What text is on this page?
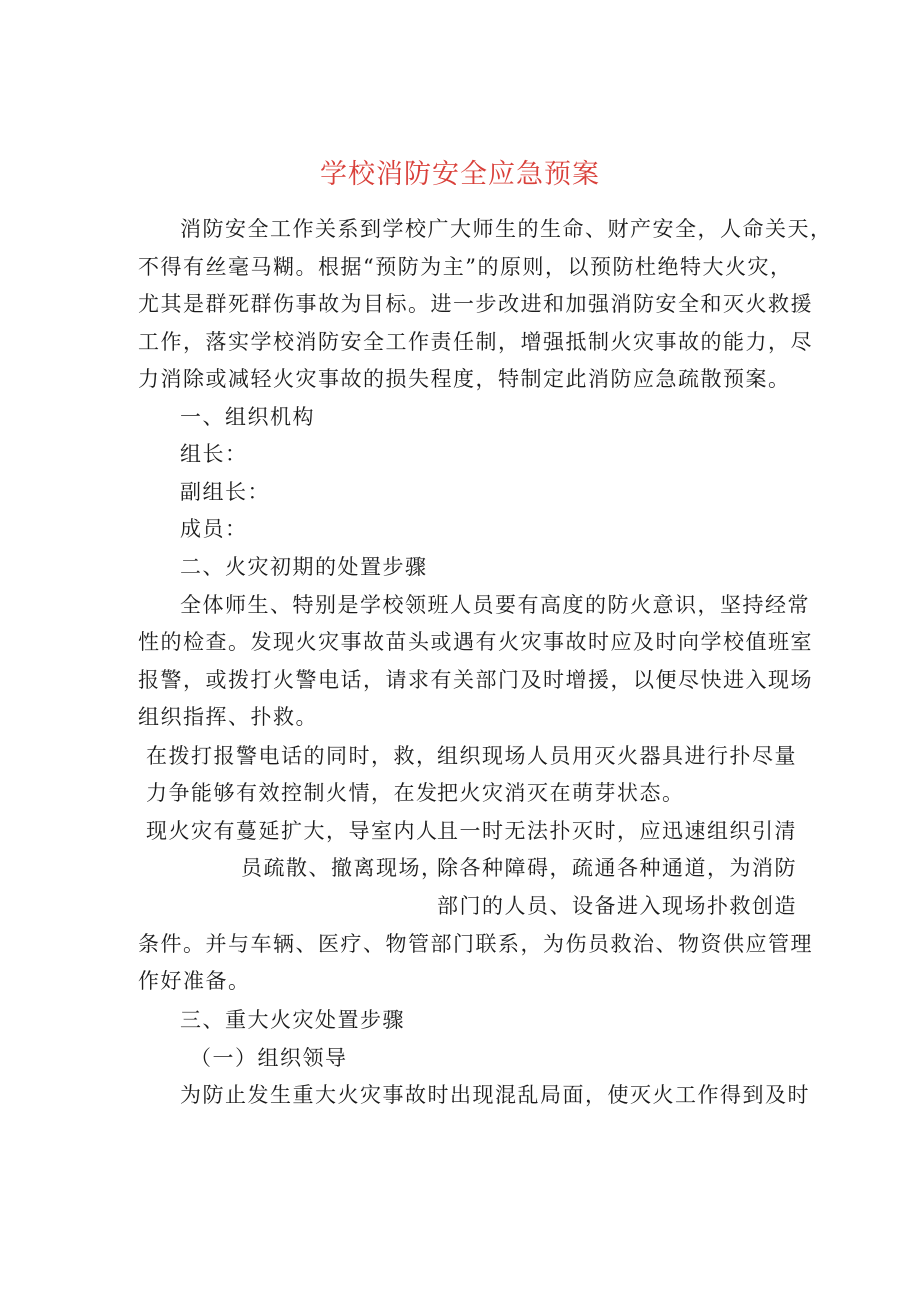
学校消防安全应急预案
消防安全工作关系到学校广大师生的生命、财产安全，人命关天，
不得有丝毫马糊。根据“预防为主”的原则，以预防杜绝特大火灾，
尤其是群死群伤事故为目标。进一步改进和加强消防安全和灭火救援
工作，落实学校消防安全工作责任制，增强抵制火灾事故的能力，尽
力消除或减轻火灾事故的损失程度，特制定此消防应急疏散预案。
一、组织机构
组长：
副组长：
成员：
二、火灾初期的处置步骤
全体师生、特别是学校领班人员要有高度的防火意识，坚持经常
性的检查。发现火灾事故苗头或遇有火灾事故时应及时向学校值班室
报警，或拨打火警电话，请求有关部门及时增援，以便尽快进入现场
组织指挥、扑救。
在拨打报警电话的同时，救，
力争能够有效控制火情，在发
现火灾有蔓延扩大，导室内人
员疏散、撤离现场，
组织现场人员用灭火器具进行扑尽量
把火灾消灭在萌芽状态。
且一时无法扑灭时，应迅速组织引清
除各种障碍，疏通各种通道，为消防
部门的人员、设备进入现场扑救创造
条件。并与车辆、医疗、物管部门联系，为伤员救治、物资供应管理
作好准备。
三、重大火灾处置步骤
（一）组织领导
为防止发生重大火灾事故时出现混乱局面，使灭火工作得到及时
